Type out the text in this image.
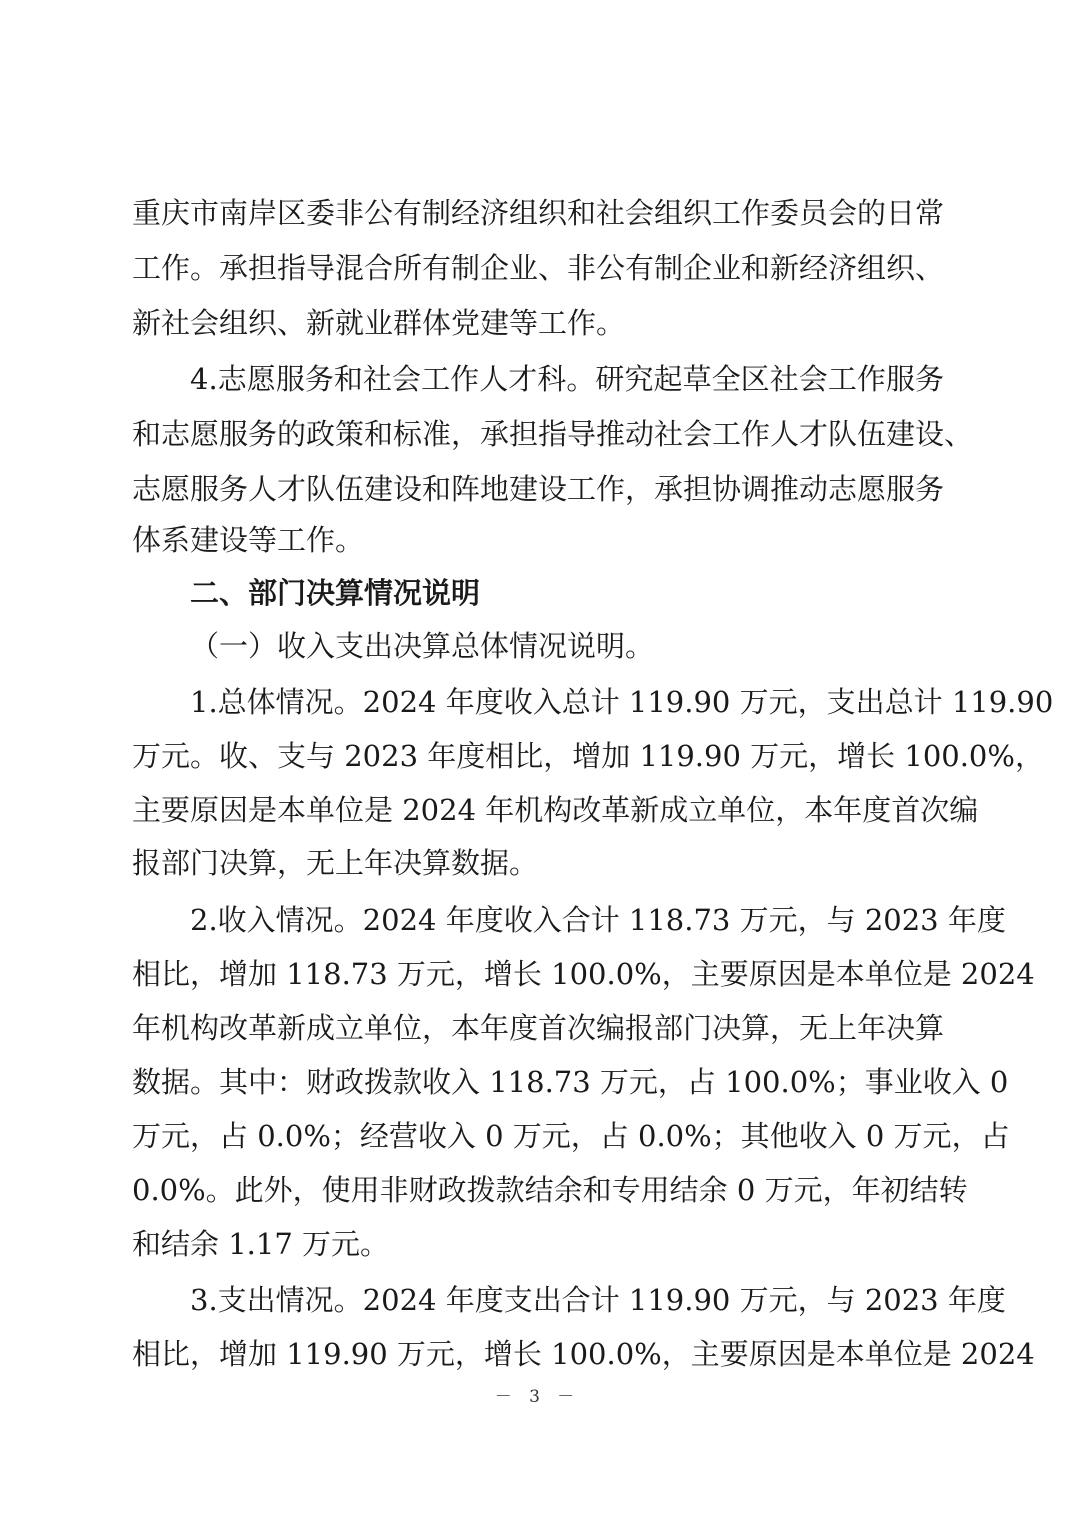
重庆市南岸区委非公有制经济组织和社会组织工作委员会的日常
工作。承担指导混合所有制企业、非公有制企业和新经济组织、
新社会组织、新就业群体党建等工作。
4.志愿服务和社会工作人才科。研究起草全区社会工作服务
和志愿服务的政策和标准，承担指导推动社会工作人才队伍建设、
志愿服务人才队伍建设和阵地建设工作，承担协调推动志愿服务
体系建设等工作。
二、部门决算情况说明
（一）收入支出决算总体情况说明。
1.总体情况。2024 年度收入总计 119.90 万元，支出总计 119.90
万元。收、支与 2023 年度相比，增加 119.90 万元，增长 100.0%，
主要原因是本单位是 2024 年机构改革新成立单位，本年度首次编
报部门决算，无上年决算数据。
2.收入情况。2024 年度收入合计 118.73 万元，与 2023 年度
相比，增加 118.73 万元，增长 100.0%，主要原因是本单位是 2024
年机构改革新成立单位，本年度首次编报部门决算，无上年决算
数据。其中：财政拨款收入 118.73 万元，占 100.0%；事业收入 0
万元，占 0.0%；经营收入 0 万元，占 0.0%；其他收入 0 万元，占
0.0%。此外，使用非财政拨款结余和专用结余 0 万元，年初结转
和结余 1.17 万元。
3.支出情况。2024 年度支出合计 119.90 万元，与 2023 年度
相比，增加 119.90 万元，增长 100.0%，主要原因是本单位是 2024
－ 3 －
